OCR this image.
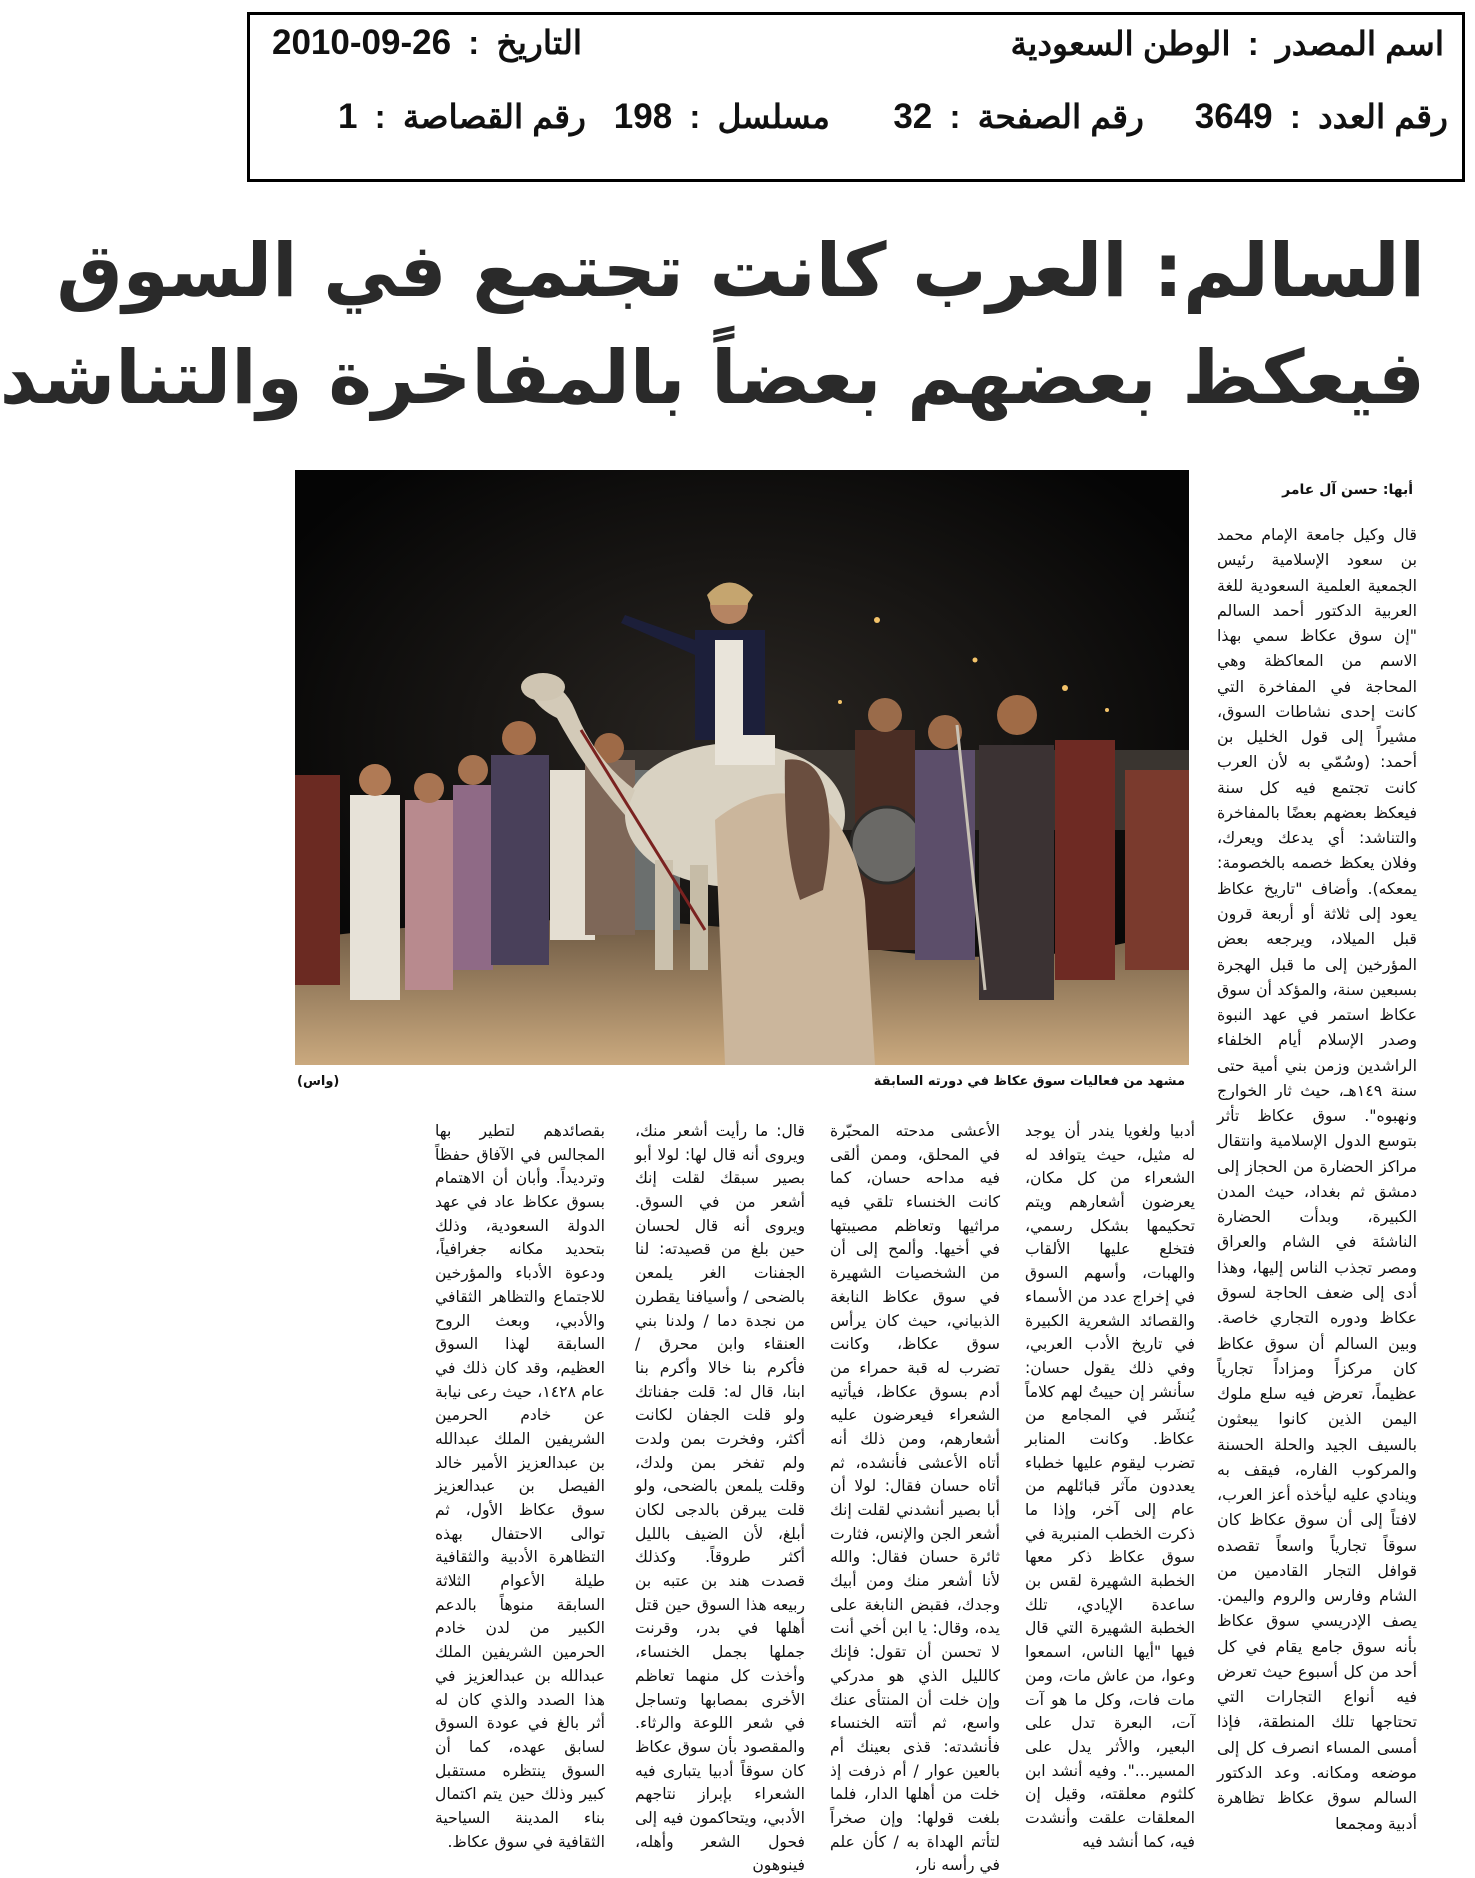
اسم المصدر : الوطن السعودية
التاريخ : 2010-09-26
رقم العدد : 3649
رقم الصفحة : 32
مسلسل : 198
رقم القصاصة : 1
السالم: العرب كانت تجتمع في السوق
فيعكظ بعضهم بعضاً بالمفاخرة والتناشد
مشهد من فعاليات سوق عكاظ في دورته السابقة
(واس)
أبها: حسن آل عامر
قال وكيل جامعة الإمام محمد بن سعود الإسلامية رئيس الجمعية العلمية السعودية للغة العربية الدكتور أحمد السالم "إن سوق عكاظ سمي بهذا الاسم من المعاكظة وهي المحاجة في المفاخرة التي كانت إحدى نشاطات السوق، مشيراً إلى قول الخليل بن أحمد: (وسُمّي به لأن العرب كانت تجتمع فيه كل سنة فيعكظ بعضهم بعضًا بالمفاخرة والتناشد: أي يدعك ويعرك، وفلان يعكظ خصمه بالخصومة: يمعكه). وأضاف "تاريخ عكاظ يعود إلى ثلاثة أو أربعة قرون قبل الميلاد، ويرجعه بعض المؤرخين إلى ما قبل الهجرة بسبعين سنة، والمؤكد أن سوق عكاظ استمر في عهد النبوة وصدر الإسلام أيام الخلفاء الراشدين وزمن بني أمية حتى سنة ١٤٩هـ، حيث ثار الخوارج ونهبوه". سوق عكاظ تأثر بتوسع الدول الإسلامية وانتقال مراكز الحضارة من الحجاز إلى دمشق ثم بغداد، حيث المدن الكبيرة، وبدأت الحضارة الناشئة في الشام والعراق ومصر تجذب الناس إليها، وهذا أدى إلى ضعف الحاجة لسوق عكاظ ودوره التجاري خاصة. وبين السالم أن سوق عكاظ كان مركزاً ومزاداً تجارياً عظيماً، تعرض فيه سلع ملوك اليمن الذين كانوا يبعثون بالسيف الجيد والحلة الحسنة والمركوب الفاره، فيقف به وينادي عليه ليأخذه أعز العرب، لافتاً إلى أن سوق عكاظ كان سوقاً تجارياً واسعاً تقصده قوافل التجار القادمين من الشام وفارس والروم واليمن. يصف الإدريسي سوق عكاظ بأنه سوق جامع يقام في كل أحد من كل أسبوع حيث تعرض فيه أنواع التجارات التي تحتاجها تلك المنطقة، فإذا أمسى المساء انصرف كل إلى موضعه ومكانه. وعد الدكتور السالم سوق عكاظ تظاهرة أدبية ومجمعا
أدبيا ولغويا يندر أن يوجد له مثيل، حيث يتوافد له الشعراء من كل مكان، يعرضون أشعارهم ويتم تحكيمها بشكل رسمي، فتخلع عليها الألقاب والهبات، وأسهم السوق في إخراج عدد من الأسماء والقصائد الشعرية الكبيرة في تاريخ الأدب العربي، وفي ذلك يقول حسان: سأنشر إن حييتُ لهم كلاماً يُنشَر في المجامع من عكاظ. وكانت المنابر تضرب ليقوم عليها خطباء يعددون مآثر قبائلهم من عام إلى آخر، وإذا ما ذكرت الخطب المنبرية في سوق عكاظ ذكر معها الخطبة الشهيرة لقس بن ساعدة الإيادي، تلك الخطبة الشهيرة التي قال فيها "أيها الناس، اسمعوا وعوا، من عاش مات، ومن مات فات، وكل ما هو آت آت، البعرة تدل على البعير، والأثر يدل على المسير...". وفيه أنشد ابن كلثوم معلقته، وقيل إن المعلقات علقت وأنشدت فيه، كما أنشد فيه
الأعشى مدحته المحبّرة في المحلق، وممن ألقى فيه مداحه حسان، كما كانت الخنساء تلقي فيه مراثيها وتعاظم مصيبتها في أخيها. وألمح إلى أن من الشخصيات الشهيرة في سوق عكاظ النابغة الذبياني، حيث كان يرأس سوق عكاظ، وكانت تضرب له قبة حمراء من أدم بسوق عكاظ، فيأتيه الشعراء فيعرضون عليه أشعارهم، ومن ذلك أنه أتاه الأعشى فأنشده، ثم أتاه حسان فقال: لولا أن أبا بصير أنشدني لقلت إنك أشعر الجن والإنس، فثارت ثائرة حسان فقال: والله لأنا أشعر منك ومن أبيك وجدك، فقبض النابغة على يده، وقال: يا ابن أخي أنت لا تحسن أن تقول: فإنك كالليل الذي هو مدركي وإن خلت أن المنتأى عنك واسع، ثم أتته الخنساء فأنشدته: قذى بعينك أم بالعين عوار / أم ذرفت إذ خلت من أهلها الدار، فلما بلغت قولها: وإن صخراً لتأتم الهداة به / كأن علم في رأسه نار،
قال: ما رأيت أشعر منك، ويروى أنه قال لها: لولا أبو بصير سبقك لقلت إنك أشعر من في السوق. ويروى أنه قال لحسان حين بلغ من قصيدته: لنا الجفنات الغر يلمعن بالضحى / وأسيافنا يقطرن من نجدة دما / ولدنا بني العنقاء وابن محرق / فأكرم بنا خالا وأكرم بنا ابنا، قال له: قلت جفناتك ولو قلت الجفان لكانت أكثر، وفخرت بمن ولدت ولم تفخر بمن ولدك، وقلت يلمعن بالضحى، ولو قلت يبرقن بالدجى لكان أبلغ، لأن الضيف بالليل أكثر طروقاً. وكذلك قصدت هند بن عتبه بن ربيعه هذا السوق حين قتل أهلها في بدر، وقرنت جملها بجمل الخنساء، وأخذت كل منهما تعاظم الأخرى بمصابها وتساجل في شعر اللوعة والرثاء. والمقصود بأن سوق عكاظ كان سوقاً أدبيا يتبارى فيه الشعراء بإبراز نتاجهم الأدبي، ويتحاكمون فيه إلى فحول الشعر وأهله، فينوهون
بقصائدهم لتطير بها المجالس في الآفاق حفظاً وترديداً. وأبان أن الاهتمام بسوق عكاظ عاد في عهد الدولة السعودية، وذلك بتحديد مكانه جغرافياً، ودعوة الأدباء والمؤرخين للاجتماع والتظاهر الثقافي والأدبي، وبعث الروح السابقة لهذا السوق العظيم، وقد كان ذلك في عام ١٤٢٨، حيث رعى نيابة عن خادم الحرمين الشريفين الملك عبدالله بن عبدالعزيز الأمير خالد الفيصل بن عبدالعزيز سوق عكاظ الأول، ثم توالى الاحتفال بهذه التظاهرة الأدبية والثقافية طيلة الأعوام الثلاثة السابقة منوهاً بالدعم الكبير من لدن خادم الحرمين الشريفين الملك عبدالله بن عبدالعزيز في هذا الصدد والذي كان له أثر بالغ في عودة السوق لسابق عهده، كما أن السوق ينتظره مستقبل كبير وذلك حين يتم اكتمال بناء المدينة السياحية الثقافية في سوق عكاظ.
